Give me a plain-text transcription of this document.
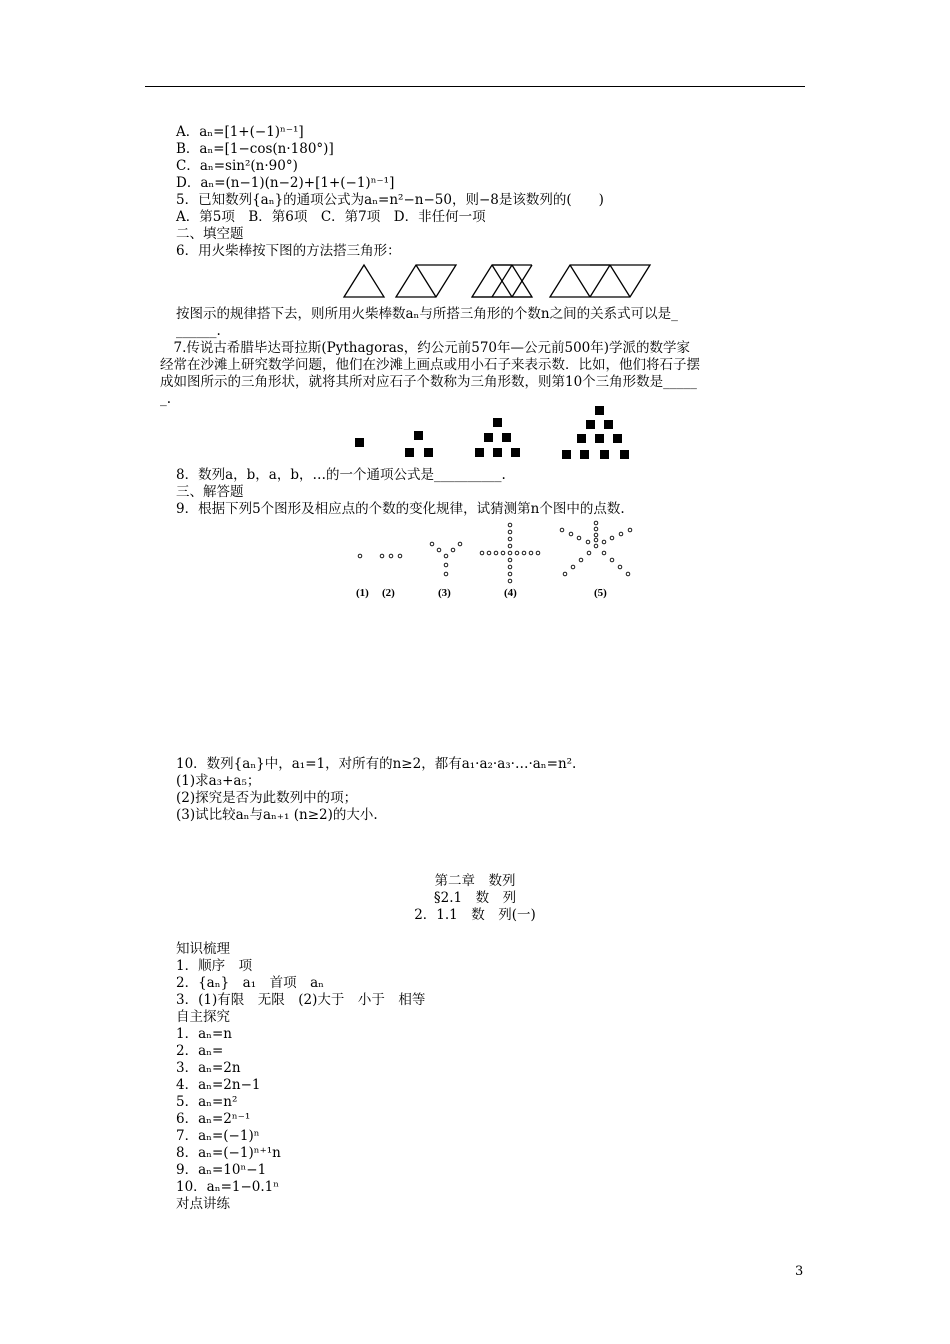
A．aₙ=[1+(−1)ⁿ⁻¹]
B．aₙ=[1−cos(n·180°)]
C．aₙ=sin²(n·90°)
D．aₙ=(n−1)(n−2)+[1+(−1)ⁿ⁻¹]
5．已知数列{aₙ}的通项公式为aₙ=n²−n−50，则−8是该数列的(　　)
A．第5项　B．第6项　C．第7项　D．非任何一项
二、填空题
6．用火柴棒按下图的方法搭三角形：
按图示的规律搭下去，则所用火柴棒数aₙ与所搭三角形的个数n之间的关系式可以是_
______.
　7.传说古希腊毕达哥拉斯(Pythagoras，约公元前570年—公元前500年)学派的数学家
经常在沙滩上研究数学问题，他们在沙滩上画点或用小石子来表示数．比如，他们将石子摆
成如图所示的三角形状，就将其所对应石子个数称为三角形数，则第10个三角形数是_____
_.
8．数列a，b，a，b，…的一个通项公式是__________.
三、解答题
9．根据下列5个图形及相应点的个数的变化规律，试猜测第n个图中的点数.
(1) (2)	(3)	(4)	(5)
10．数列{aₙ}中，a₁=1，对所有的n≥2，都有a₁·a₂·a₃·…·aₙ=n².
(1)求a₃+a₅；
(2)探究是否为此数列中的项；
(3)试比较aₙ与aₙ₊₁ (n≥2)的大小.
第二章　数列
§2.1　数　列
2．1.1　数　列(一)
知识梳理
1．顺序　项
2．{aₙ}　a₁　首项　aₙ
3．(1)有限　无限　(2)大于　小于　相等
自主探究
1．aₙ=n
2．aₙ=
3．aₙ=2n
4．aₙ=2n−1
5．aₙ=n²
6．aₙ=2ⁿ⁻¹
7．aₙ=(−1)ⁿ
8．aₙ=(−1)ⁿ⁺¹n
9．aₙ=10ⁿ−1
10．aₙ=1−0.1ⁿ
对点讲练
3
